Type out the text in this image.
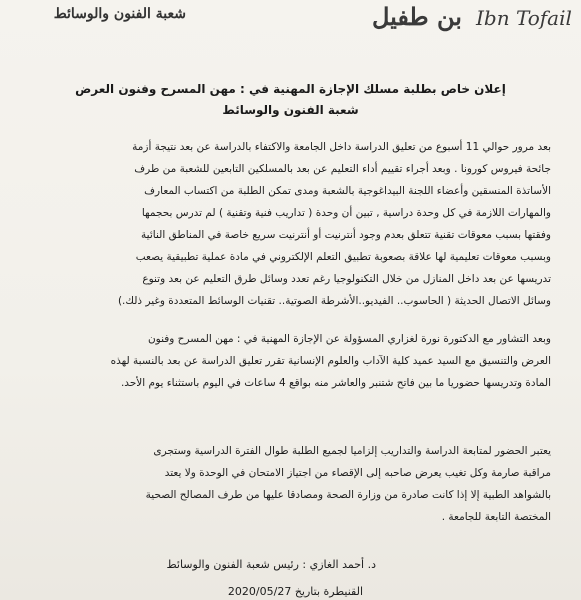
شعبة الفنون والوسائط	بن طفيل Ibn Tofail
إعلان خاص بطلبة مسلك الإجازة المهنية في : مهن المسرح وفنون العرض
شعبة الفنون والوسائط
بعد مرور حوالي 11 أسبوع من تعليق الدراسة داخل الجامعة والاكتفاء بالدراسة عن بعد نتيجة أزمة
جائحة فيروس كورونا . وبعد أجراء تقييم أداء التعليم عن بعد بالمسلكين التابعين للشعبة من طرف
الأساتذة المنسقين وأعضاء اللجنة البيداغوجية بالشعبة ومدى تمكن الطلبة من اكتساب المعارف
والمهارات اللازمة في كل وحدة دراسية , تبين أن وحدة ( تداريب فنية وتقنية ) لم تدرس بحجمها
وفقتها بسبب معوقات تقنية تتعلق بعدم وجود أنترنيت أو أنترنيت سريع خاصة في المناطق النائية
وبسبب معوقات تعليمية لها علاقة بصعوبة تطبيق التعلم الإلكتروني في مادة عملية تطبيقية يصعب
تدريسها عن بعد داخل المنازل من خلال التكنولوجيا رغم تعدد وسائل طرق التعليم عن بعد وتنوع
وسائل الاتصال الحديثة ( الحاسوب.. الفيديو..الأشرطة الصوتية.. تقنيات الوسائط المتعددة وغير ذلك.)
وبعد التشاور مع الدكتورة نورة لغزاري المسؤولة عن الإجازة المهنية في : مهن المسرح وفنون
العرض والتنسيق مع السيد عميد كلية الآداب والعلوم الإنسانية تقرر تعليق الدراسة عن بعد بالنسبة لهذه
المادة وتدريسها حضوريا ما بين فاتح شتنبر والعاشر منه بواقع 4 ساعات في اليوم باستثناء يوم الأحد.
يعتبر الحضور لمتابعة الدراسة والتداريب إلزاميا لجميع الطلبة طوال الفترة الدراسية وستجرى
مراقبة صارمة وكل تغيب يعرض صاحبه إلى الإقصاء من اجتياز الامتحان في الوحدة ولا يعتد
بالشواهد الطبية إلا إذا كانت صادرة من وزارة الصحة ومصادقا عليها من طرف المصالح الصحية
المختصة التابعة للجامعة .
د. أحمد الغازي : رئيس شعبة الفنون والوسائط
القنيطرة بتاريخ 2020/05/27
